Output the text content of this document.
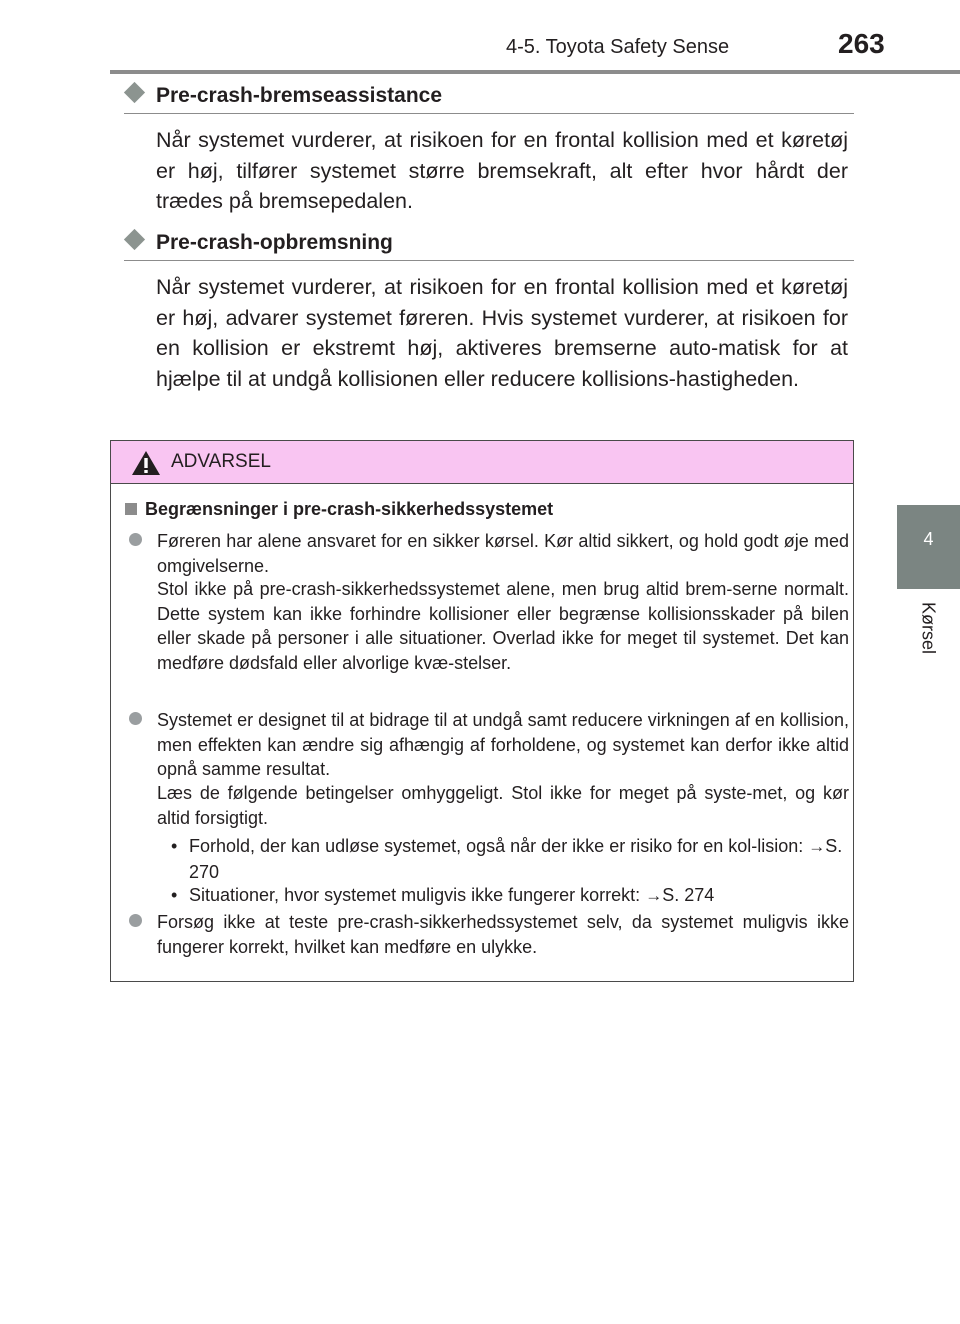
4-5. Toyota Safety Sense	263
4
Kørsel
Pre-crash-bremseassistance
Når systemet vurderer, at risikoen for en frontal kollision med et køretøj er høj, tilfører systemet større bremsekraft, alt efter hvor hårdt der trædes på bremsepedalen.
Pre-crash-opbremsning
Når systemet vurderer, at risikoen for en frontal kollision med et køretøj er høj, advarer systemet føreren. Hvis systemet vurderer, at risikoen for en kollision er ekstremt høj, aktiveres bremserne auto-matisk for at hjælpe til at undgå kollisionen eller reducere kollisions-hastigheden.
ADVARSEL
Begrænsninger i pre-crash-sikkerhedssystemet
Føreren har alene ansvaret for en sikker kørsel. Kør altid sikkert, og hold godt øje med omgivelserne.
Stol ikke på pre-crash-sikkerhedssystemet alene, men brug altid brem-serne normalt. Dette system kan ikke forhindre kollisioner eller begrænse kollisionsskader på bilen eller skade på personer i alle situationer. Overlad ikke for meget til systemet. Det kan medføre dødsfald eller alvorlige kvæ-stelser.
Systemet er designet til at bidrage til at undgå samt reducere virkningen af en kollision, men effekten kan ændre sig afhængig af forholdene, og systemet kan derfor ikke altid opnå samme resultat.
Læs de følgende betingelser omhyggeligt. Stol ikke for meget på syste-met, og kør altid forsigtigt.
• Forhold, der kan udløse systemet, også når der ikke er risiko for en kol-lision: →S. 270
• Situationer, hvor systemet muligvis ikke fungerer korrekt: →S. 274
Forsøg ikke at teste pre-crash-sikkerhedssystemet selv, da systemet muligvis ikke fungerer korrekt, hvilket kan medføre en ulykke.
